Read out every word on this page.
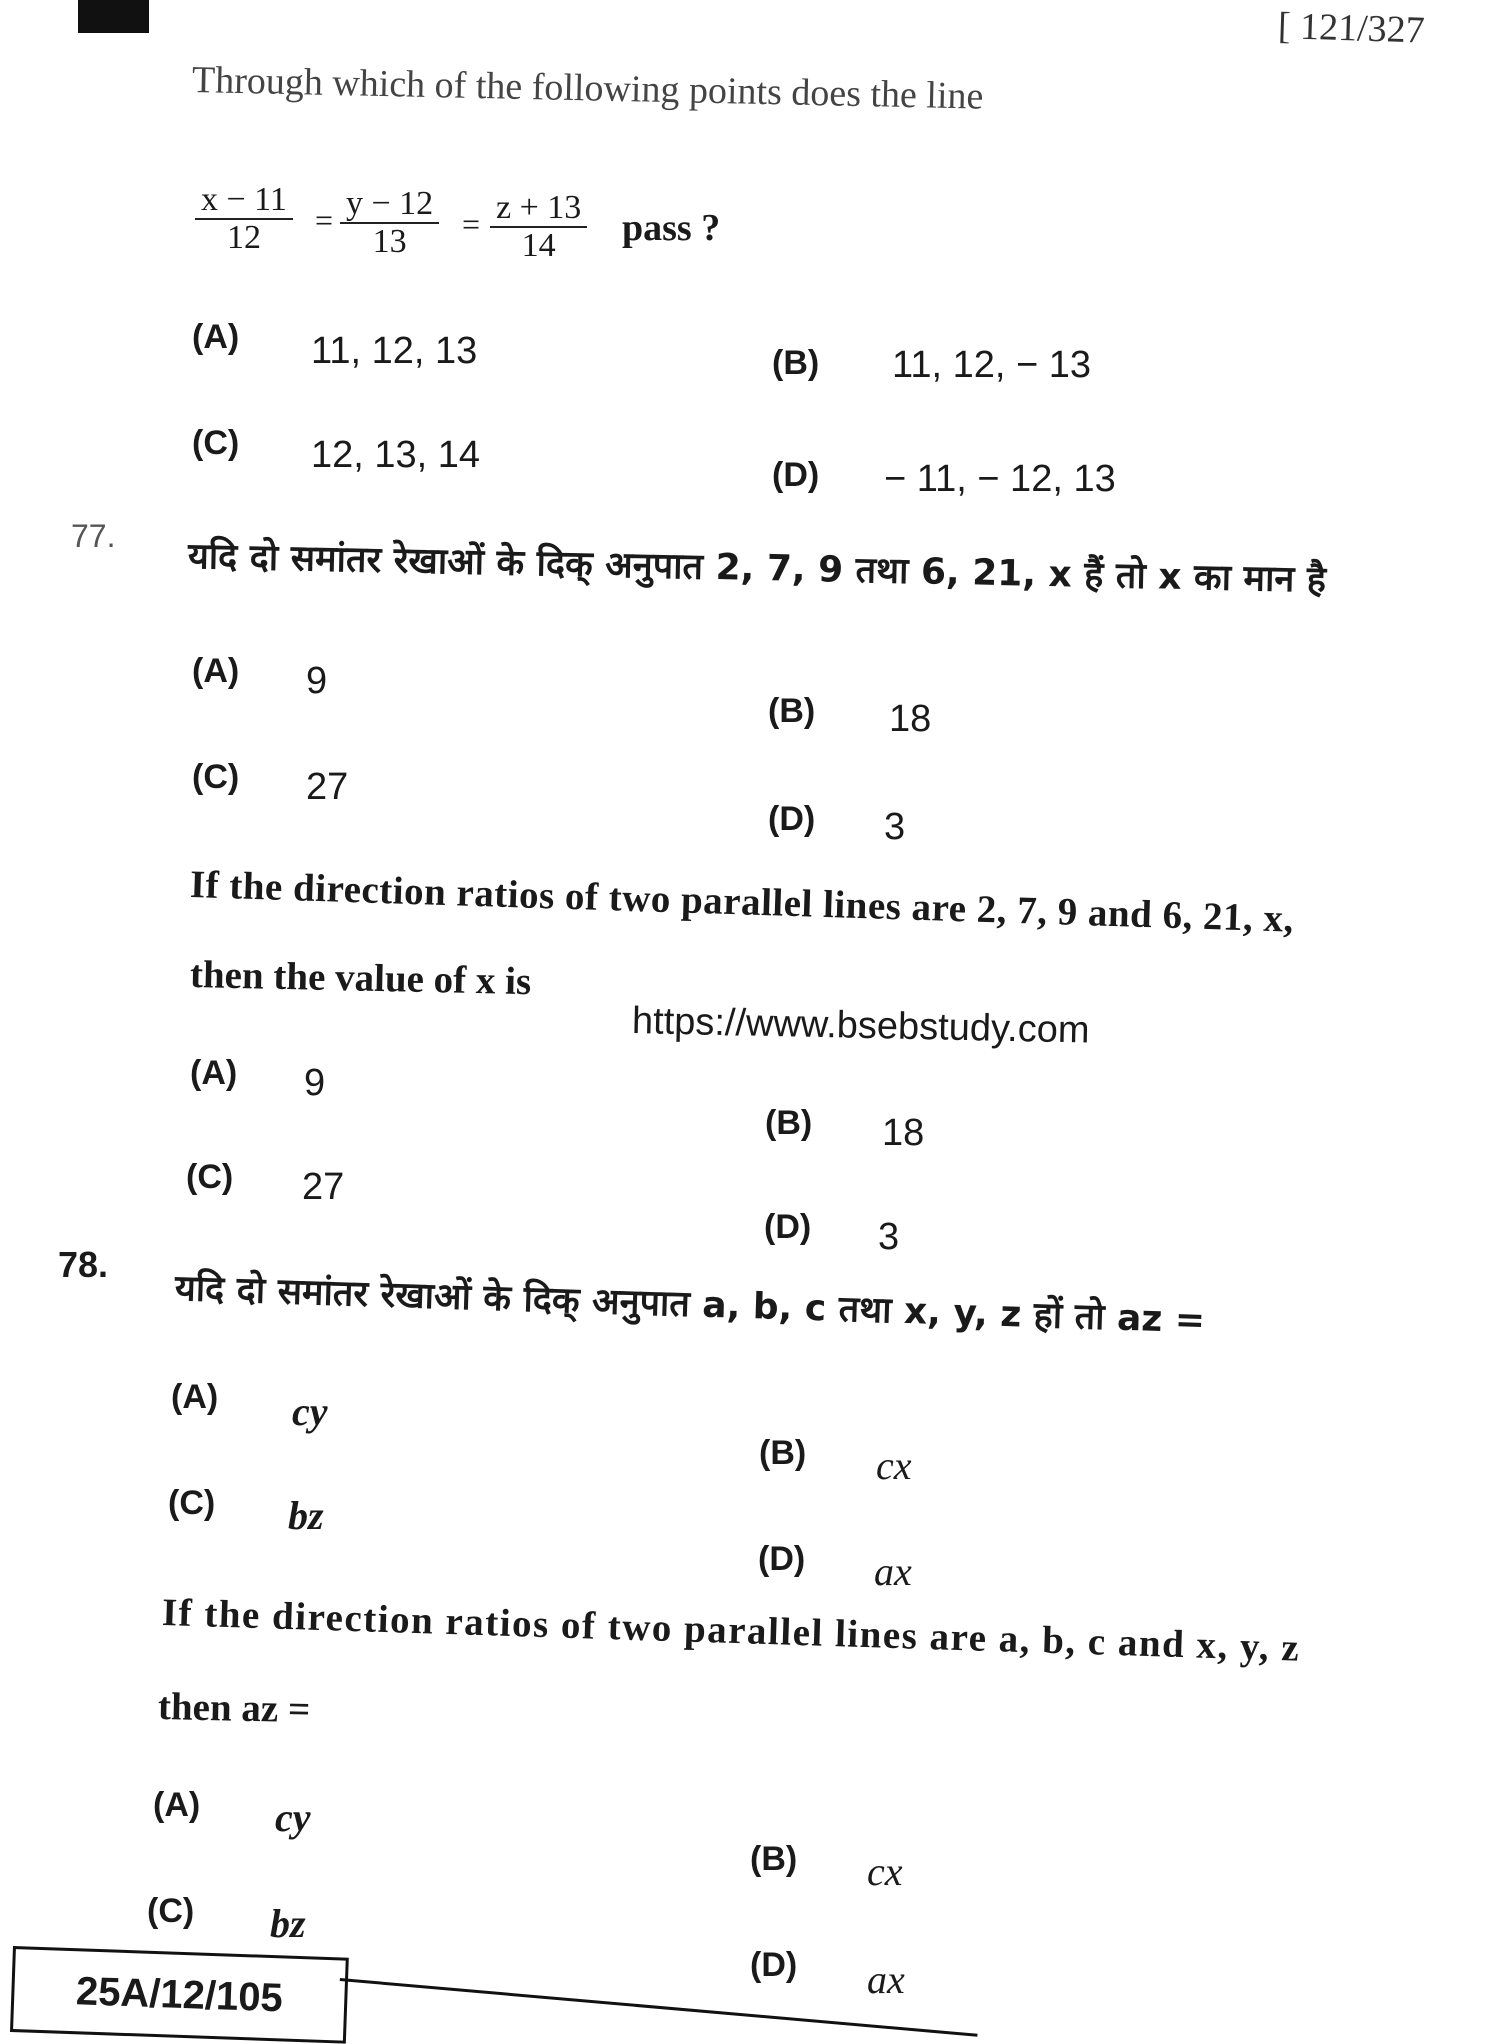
[ 121/327
Through which of the following points does the line
$\frac{x - 11}{12} = \frac{y - 12}{13} = \frac{z + 13}{14}$ pass ?
(A) 11, 12, 13	(B) 11, 12, − 13
(C) 12, 13, 14	(D) − 11, − 12, 13
77.
यदि दो समांतर रेखाओं के दिक् अनुपात 2, 7, 9 तथा 6, 21, x हैं तो x का मान है
(A) 9
(B) 18
(C) 27
(D) 3
If the direction ratios of two parallel lines are 2, 7, 9 and 6, 21, x,
then the value of x is
https://www.bsebstudy.com
(A) 9
(B) 18
(C) 27
(D) 3
78.
यदि दो समांतर रेखाओं के दिक् अनुपात a, b, c तथा x, y, z हों तो az =
(A) cy
(B) cx
(C) bz
(D) ax
If the direction ratios of two parallel lines are a, b, c and x, y, z
then az =
(A) cy
(B) cx
(C) bz
(D) ax
25A/12/105
